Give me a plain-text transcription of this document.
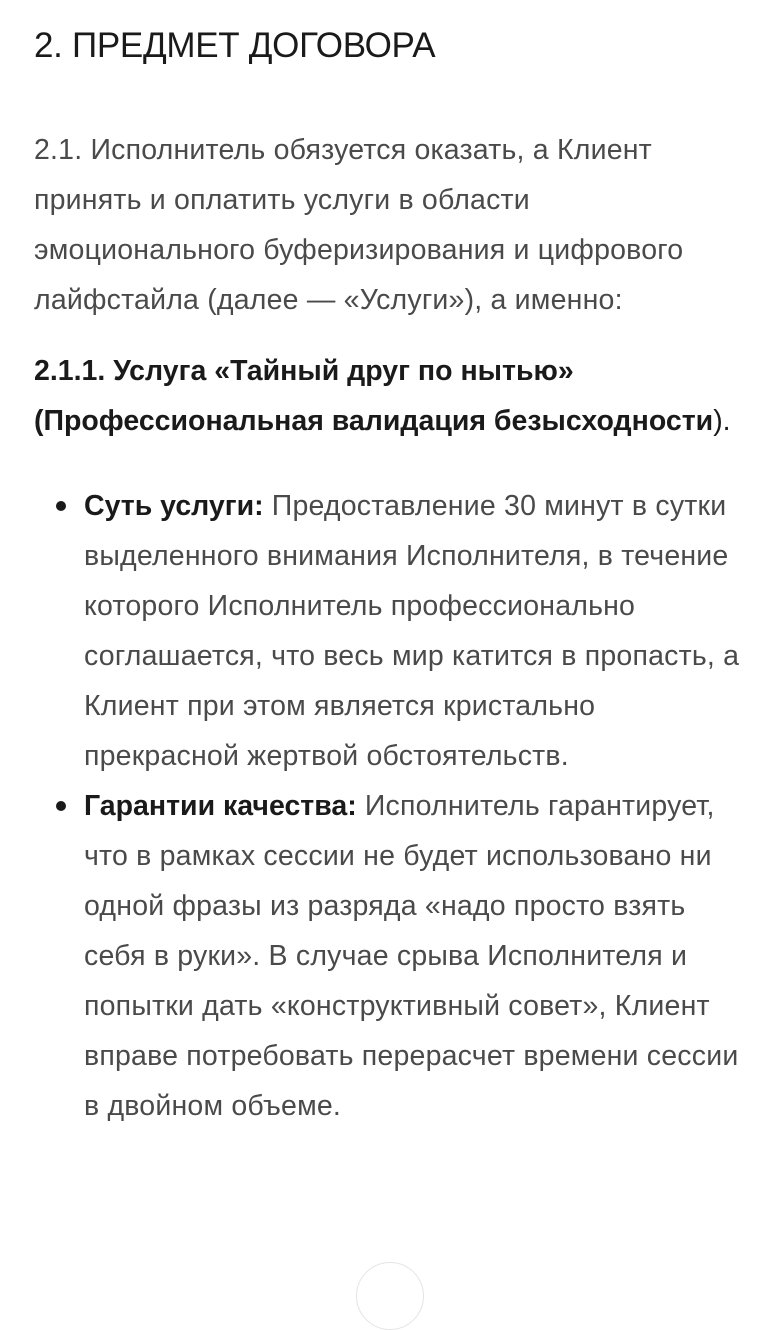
2. ПРЕДМЕТ ДОГОВОРА

2.1. Исполнитель обязуется оказать, а Клиент принять и оплатить услуги в области эмоционального буферизирования и цифрового лайфстайла (далее — «Услуги»), а именно:

2.1.1. Услуга «Тайный друг по нытью» (Профессиональная валидация безысходности).

Суть услуги: Предоставление 30 минут в сутки выделенного внимания Исполнителя, в течение которого Исполнитель профессионально соглашается, что весь мир катится в пропасть, а Клиент при этом является кристально прекрасной жертвой обстоятельств.
Гарантии качества: Исполнитель гарантирует, что в рамках сессии не будет использовано ни одной фразы из разряда «надо просто взять себя в руки». В случае срыва Исполнителя и попытки дать «конструктивный совет», Клиент вправе потребовать перерасчет времени сессии в двойном объеме.
